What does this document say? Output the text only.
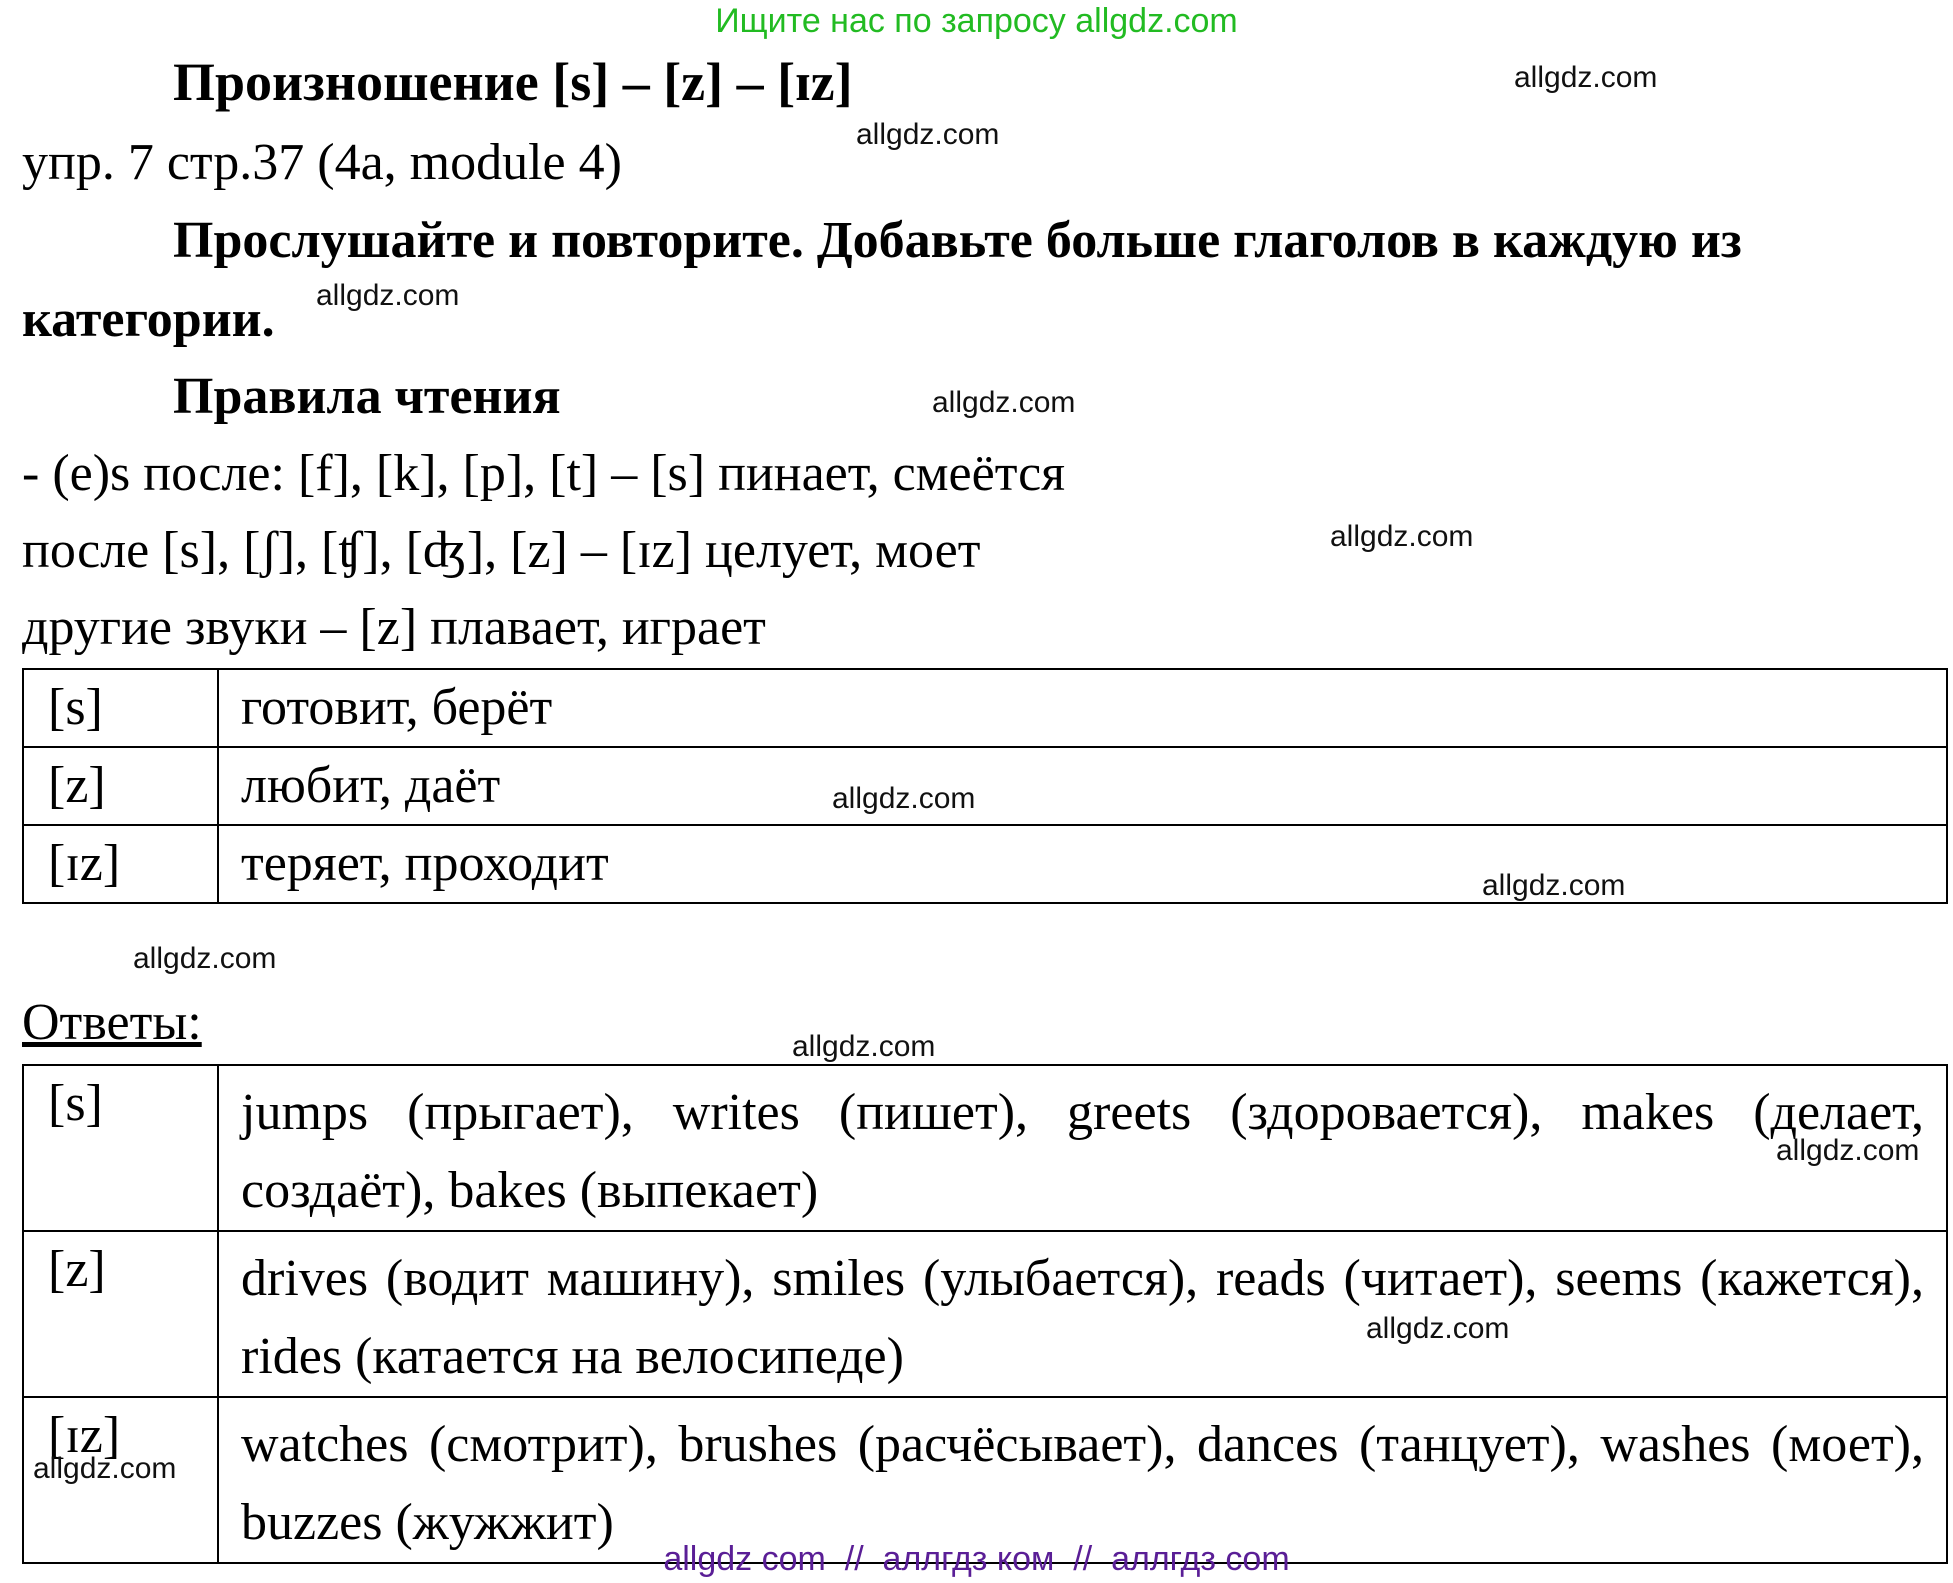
Ищите нас по запросу allgdz.com
Произношение [s] – [z] – [ɪz]
упр. 7 стр.37 (4a, module 4)
Прослушайте и повторите. Добавьте больше глаголов в каждую из
категории.
Правила чтения
- (e)s после: [f], [k], [p], [t] – [s] пинает, смеётся
после [s], [ʃ], [ʧ], [ʤ], [z] – [ɪz] целует, моет
другие звуки – [z] плавает, играет
[s]	готовит, берёт
[z]	любит, даёт
[ɪz]	теряет, проходит
Ответы:
[s]	jumps (прыгает), writes (пишет), greets (здоровается), makes (делает, создаёт), bakes (выпекает)
[z]	drives (водит машину), smiles (улыбается), reads (читает), seems (кажется), rides (катается на велосипеде)
[ɪz]	watches (смотрит), brushes (расчёсывает), dances (танцует), washes (моет), buzzes (жужжит)
allgdz.com
allgdz.com
allgdz.com
allgdz.com
allgdz.com
allgdz.com
allgdz.com
allgdz.com
allgdz.com
allgdz.com
allgdz.com
allgdz.com
allgdz com  //  аллгдз ком  //  аллгдз com
